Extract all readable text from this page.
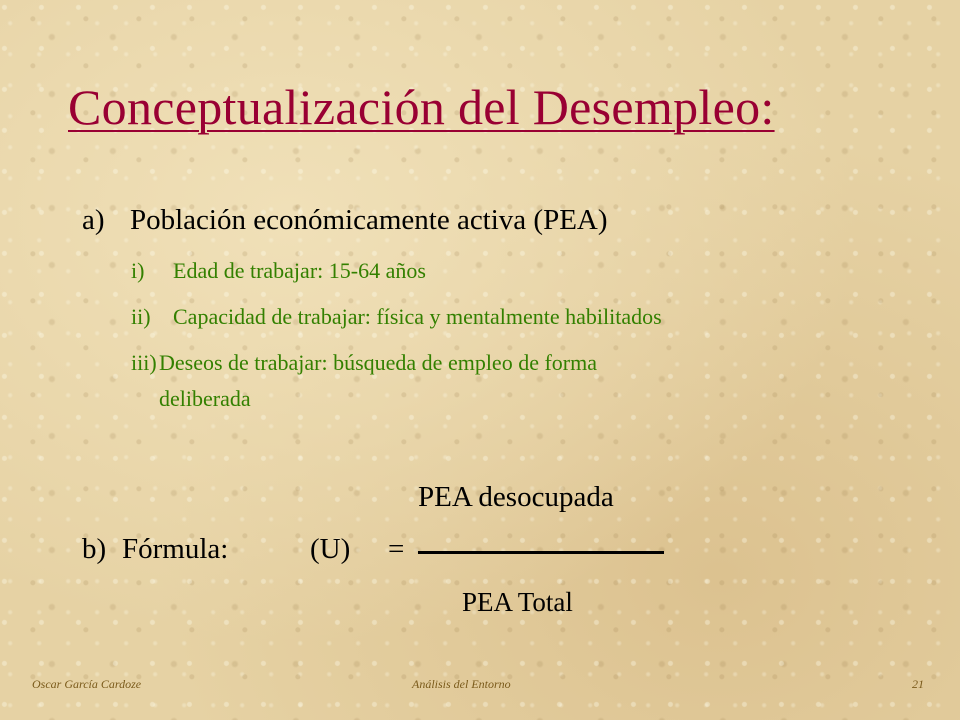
Conceptualización del Desempleo:
a) Población económicamente activa (PEA)
i) Edad de trabajar: 15-64 años
ii) Capacidad de trabajar: física y mentalmente habilitados
iii) Deseos de trabajar: búsqueda de empleo de forma
deliberada
PEA desocupada
b) Fórmula:	(U) =
PEA Total
Oscar García Cardoze	Análisis del Entorno	21
